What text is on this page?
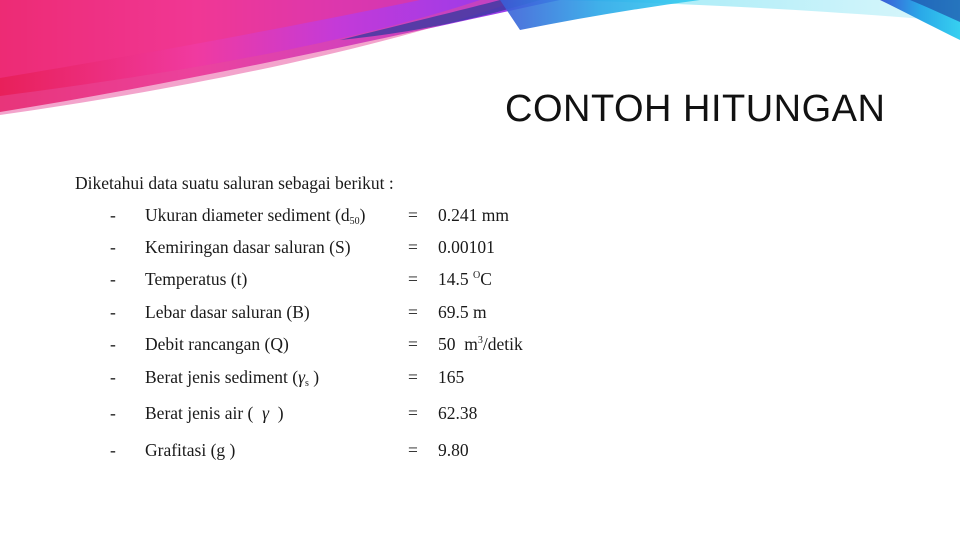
CONTOH HITUNGAN
Diketahui data suatu saluran sebagai berikut :
- Ukuran diameter sediment $(d_{50}) = 0.241$ mm
- Kemiringan dasar saluran (S)	= 0.00101
- Temperatus (t)	= 14.5 $^O$C
- Lebar dasar saluran (B)	= 69.5 m
- Debit rancangan (Q)	= 50  $m^3$/detik
- Berat jenis sediment ($\gamma_s$ )	= 165
- Berat jenis air (  γ  )	= 62.38
- Grafitasi (g )	= 9.80
